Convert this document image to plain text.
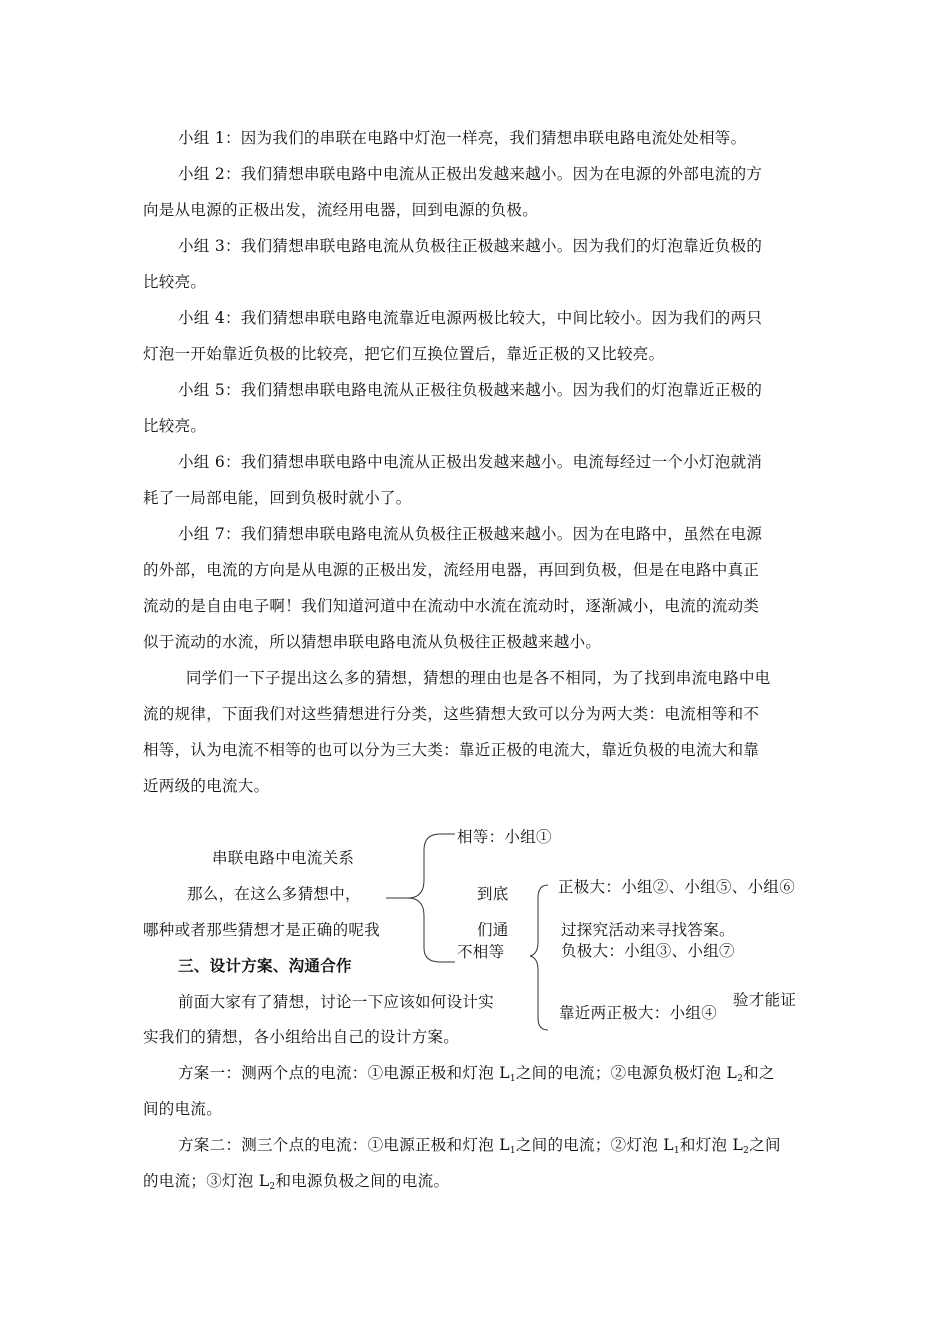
小组 1：因为我们的串联在电路中灯泡一样亮，我们猜想串联电路电流处处相等。
小组 2：我们猜想串联电路中电流从正极出发越来越小。因为在电源的外部电流的方
向是从电源的正极出发，流经用电器，回到电源的负极。
小组 3：我们猜想串联电路电流从负极往正极越来越小。因为我们的灯泡靠近负极的
比较亮。
小组 4：我们猜想串联电路电流靠近电源两极比较大，中间比较小。因为我们的两只
灯泡一开始靠近负极的比较亮，把它们互换位置后，靠近正极的又比较亮。
小组 5：我们猜想串联电路电流从正极往负极越来越小。因为我们的灯泡靠近正极的
比较亮。
小组 6：我们猜想串联电路中电流从正极出发越来越小。电流每经过一个小灯泡就消
耗了一局部电能，回到负极时就小了。
小组 7：我们猜想串联电路电流从负极往正极越来越小。因为在电路中，虽然在电源
的外部，电流的方向是从电源的正极出发，流经用电器，再回到负极，但是在电路中真正
流动的是自由电子啊！我们知道河道中在流动中水流在流动时，逐渐减小，电流的流动类
似于流动的水流，所以猜想串联电路电流从负极往正极越来越小。
同学们一下子提出这么多的猜想，猜想的理由也是各不相同，为了找到串流电路中电
流的规律，下面我们对这些猜想进行分类，这些猜想大致可以分为两大类：电流相等和不
相等，认为电流不相等的也可以分为三大类：靠近正极的电流大，靠近负极的电流大和靠
近两级的电流大。
相等：小组①
串联电路中电流关系
那么，在这么多猜想中，	到底	正极大：小组②、小组⑤、小组⑥
哪种或者那些猜想才是正确的呢我	们通	过探究活动来寻找答案。
不相等	负极大：小组③、小组⑦
三、设计方案、沟通合作
前面大家有了猜想，讨论一下应该如何设计实	验才能证
靠近两正极大：小组④
实我们的猜想，各小组给出自己的设计方案。
方案一：测两个点的电流：①电源正极和灯泡 $L_1$之间的电流；②电源负极灯泡 $L_2$和之
间的电流。
方案二：测三个点的电流：①电源正极和灯泡 $L_1$之间的电流；②灯泡 $L_1$和灯泡 $L_2$之间
的电流；③灯泡 $L_2$和电源负极之间的电流。
